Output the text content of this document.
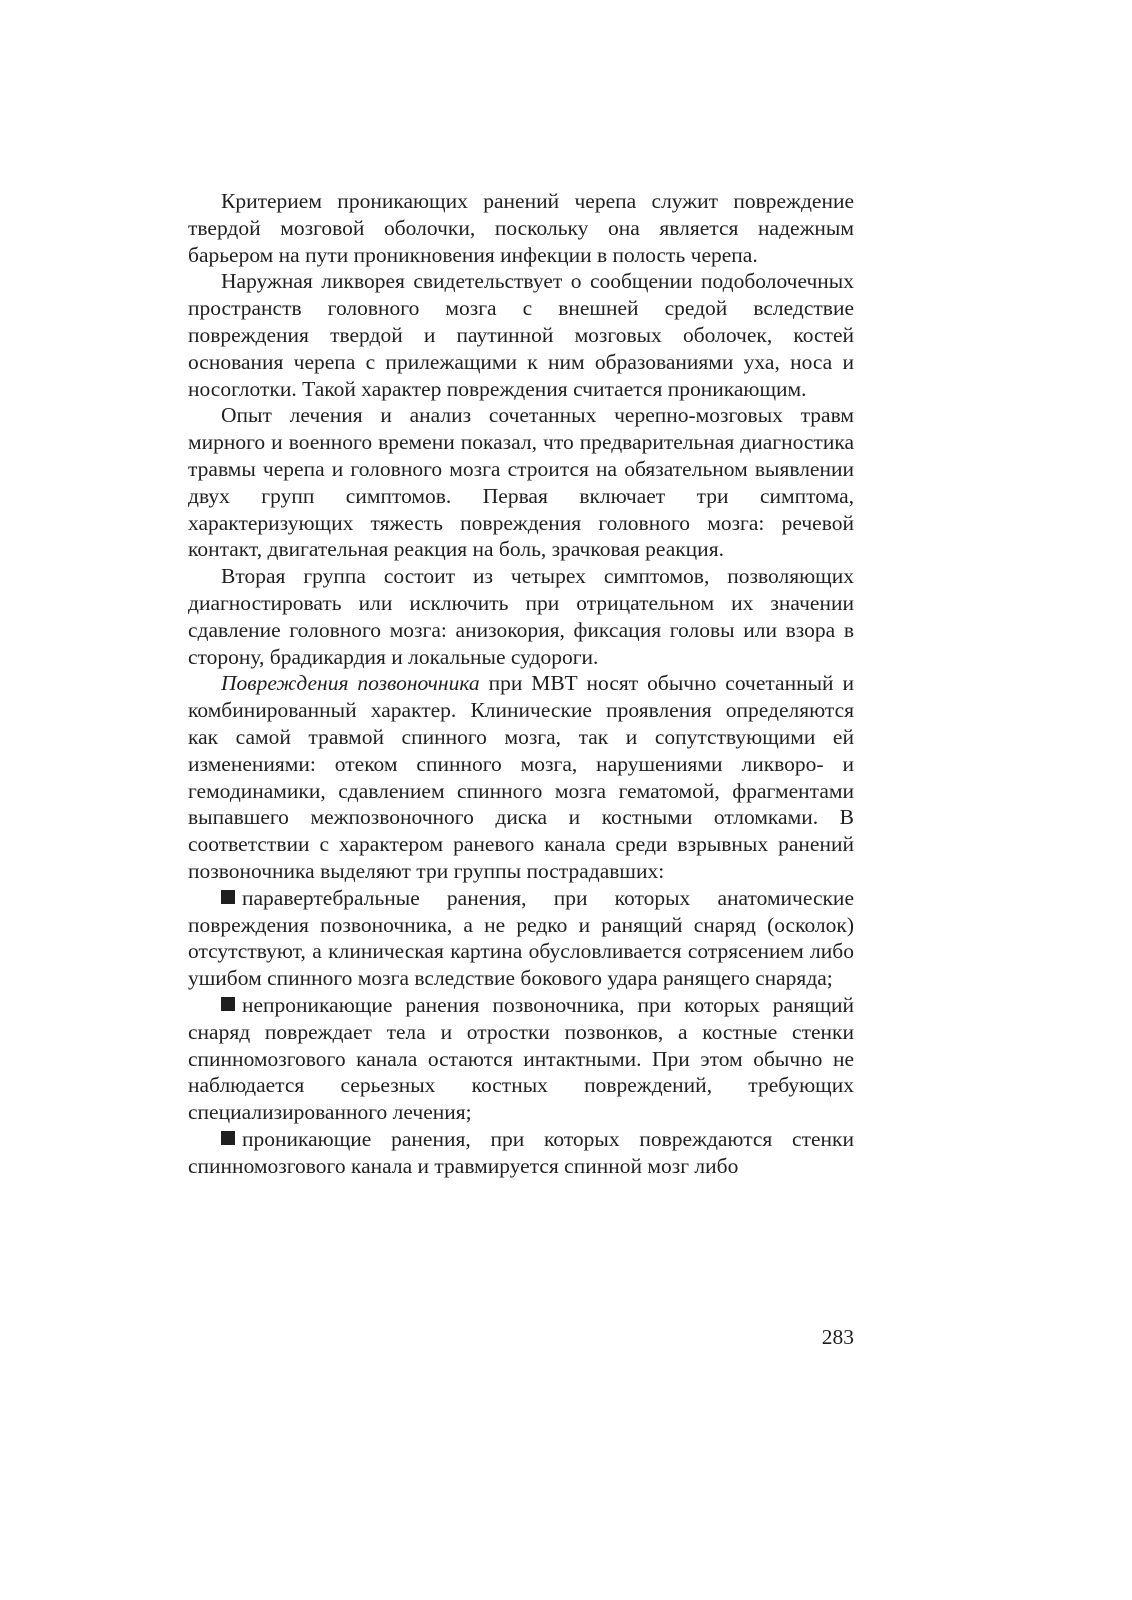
Критерием проникающих ранений черепа служит повреждение твердой мозговой оболочки, поскольку она является надежным барьером на пути проникновения инфекции в полость черепа.

Наружная ликворея свидетельствует о сообщении подоболочечных пространств головного мозга с внешней средой вследствие повреждения твердой и паутинной мозговых оболочек, костей основания черепа с прилежащими к ним образованиями уха, носа и носоглотки. Такой характер повреждения считается проникающим.

Опыт лечения и анализ сочетанных черепно-мозговых травм мирного и военного времени показал, что предварительная диагностика травмы черепа и головного мозга строится на обязательном выявлении двух групп симптомов. Первая включает три симптома, характеризующих тяжесть повреждения головного мозга: речевой контакт, двигательная реакция на боль, зрачковая реакция.

Вторая группа состоит из четырех симптомов, позволяющих диагностировать или исключить при отрицательном их значении сдавление головного мозга: анизокория, фиксация головы или взора в сторону, брадикардия и локальные судороги.

Повреждения позвоночника при МВТ носят обычно сочетанный и комбинированный характер. Клинические проявления определяются как самой травмой спинного мозга, так и сопутствующими ей изменениями: отеком спинного мозга, нарушениями ликворо- и гемодинамики, сдавлением спинного мозга гематомой, фрагментами выпавшего межпозвоночного диска и костными отломками. В соответствии с характером раневого канала среди взрывных ранений позвоночника выделяют три группы пострадавших:

паравертебральные ранения, при которых анатомические повреждения позвоночника, а не редко и ранящий снаряд (осколок) отсутствуют, а клиническая картина обусловливается сотрясением либо ушибом спинного мозга вследствие бокового удара ранящего снаряда;

непроникающие ранения позвоночника, при которых ранящий снаряд повреждает тела и отростки позвонков, а костные стенки спинномозгового канала остаются интактными. При этом обычно не наблюдается серьезных костных повреждений, требующих специализированного лечения;

проникающие ранения, при которых повреждаются стенки спинномозгового канала и травмируется спинной мозг либо

283
